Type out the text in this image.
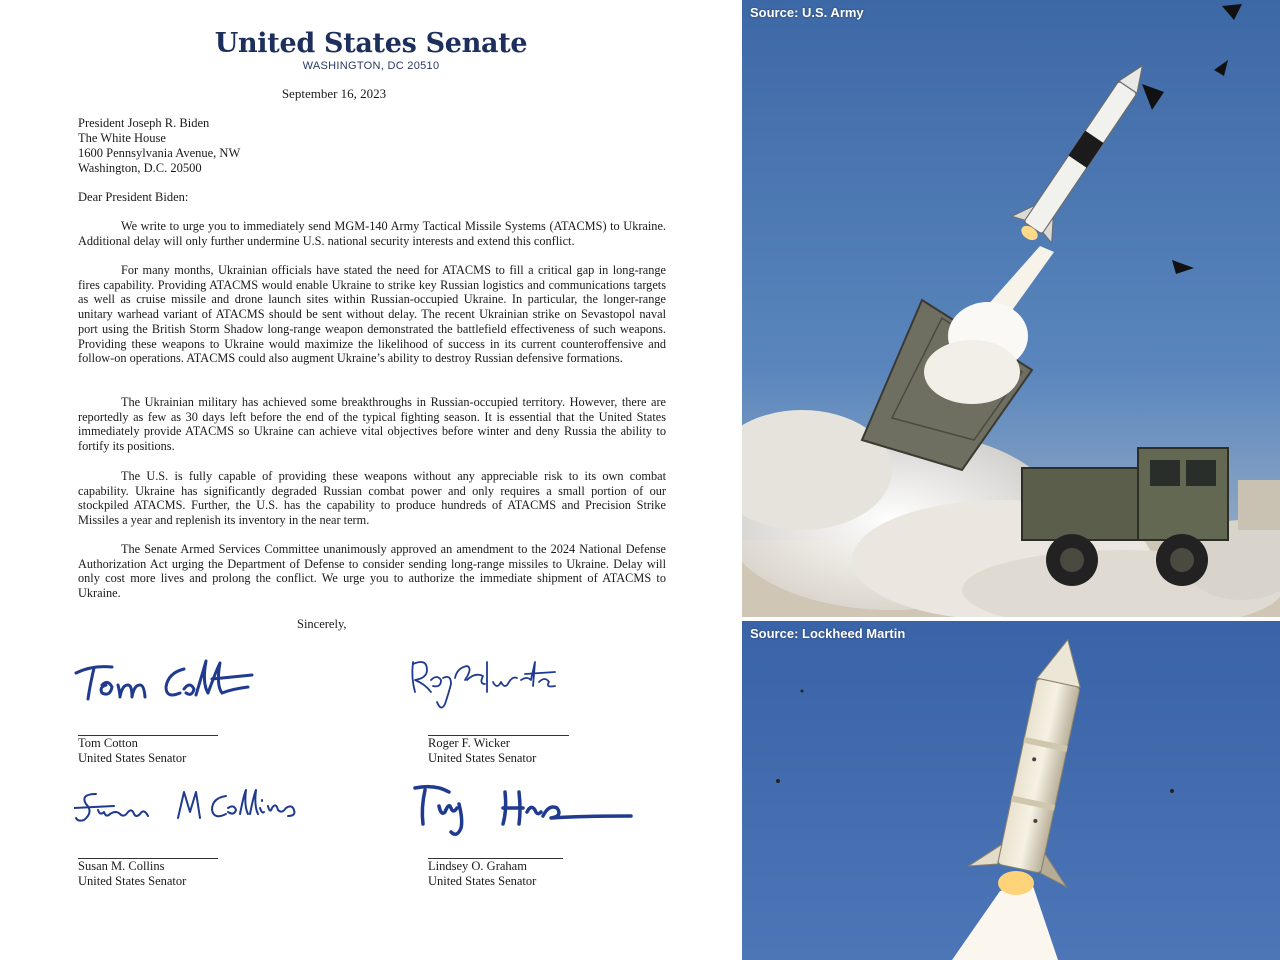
United States Senate
WASHINGTON, DC 20510
September 16, 2023
President Joseph R. Biden
The White House
1600 Pennsylvania Avenue, NW
Washington, D.C. 20500
Dear President Biden:

We write to urge you to immediately send MGM-140 Army Tactical Missile Systems (ATACMS) to Ukraine. Additional delay will only further undermine U.S. national security interests and extend this conflict.

For many months, Ukrainian officials have stated the need for ATACMS to fill a critical gap in long-range fires capability. Providing ATACMS would enable Ukraine to strike key Russian logistics and communications targets as well as cruise missile and drone launch sites within Russian-occupied Ukraine. In particular, the longer-range unitary warhead variant of ATACMS should be sent without delay. The recent Ukrainian strike on Sevastopol naval port using the British Storm Shadow long-range weapon demonstrated the battlefield effectiveness of such weapons. Providing these weapons to Ukraine would maximize the likelihood of success in its current counteroffensive and follow-on operations. ATACMS could also augment Ukraine’s ability to destroy Russian defensive formations.

The Ukrainian military has achieved some breakthroughs in Russian-occupied territory. However, there are reportedly as few as 30 days left before the end of the typical fighting season. It is essential that the United States immediately provide ATACMS so Ukraine can achieve vital objectives before winter and deny Russia the ability to fortify its positions.

The U.S. is fully capable of providing these weapons without any appreciable risk to its own combat capability. Ukraine has significantly degraded Russian combat power and only requires a small portion of our stockpiled ATACMS. Further, the U.S. has the capability to produce hundreds of ATACMS and Precision Strike Missiles a year and replenish its inventory in the near term.

The Senate Armed Services Committee unanimously approved an amendment to the 2024 National Defense Authorization Act urging the Department of Defense to consider sending long-range missiles to Ukraine. Delay will only cost more lives and prolong the conflict. We urge you to authorize the immediate shipment of ATACMS to Ukraine.

Sincerely,
Tom Cotton
United States Senator
Roger F. Wicker
United States Senator
Susan M. Collins
United States Senator
Lindsey O. Graham
United States Senator
Source: U.S. Army
Source: Lockheed Martin
